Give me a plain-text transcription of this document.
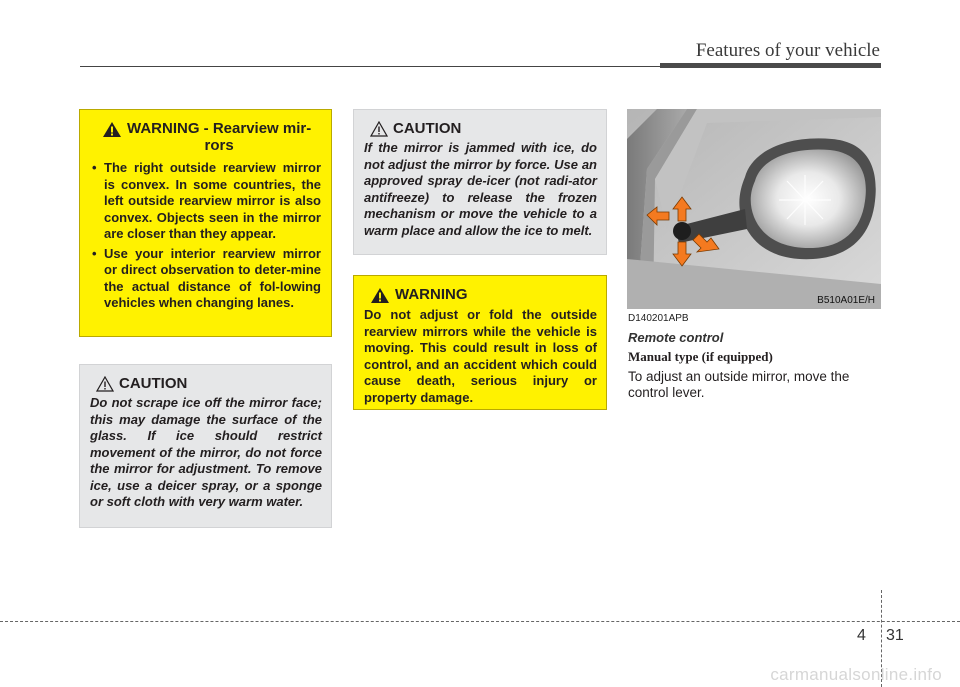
Features of your vehicle
WARNING - Rearview mir-
rors
• The right outside rearview mirror is convex. In some countries, the left outside rearview mirror is also convex. Objects seen in the mirror are closer than they appear.
• Use your interior rearview mirror or direct observation to deter-mine the actual distance of fol-lowing vehicles when changing lanes.
CAUTION
Do not scrape ice off the mirror face; this may damage the surface of the glass. If ice should restrict movement of the mirror, do not force the mirror for adjustment. To remove ice, use a deicer spray, or a sponge or soft cloth with very warm water.
CAUTION
If the mirror is jammed with ice, do not adjust the mirror by force. Use an approved spray de-icer (not radi-ator antifreeze) to release the frozen mechanism or move the vehicle to a warm place and allow the ice to melt.
WARNING
Do not adjust or fold the outside rearview mirrors while the vehicle is moving. This could result in loss of control, and an accident which could cause death, serious injury or property damage.
B510A01E/H
D140201APB
Remote control
Manual type (if equipped)
To adjust an outside mirror, move the control lever.
4 31
carmanualsonline.info
